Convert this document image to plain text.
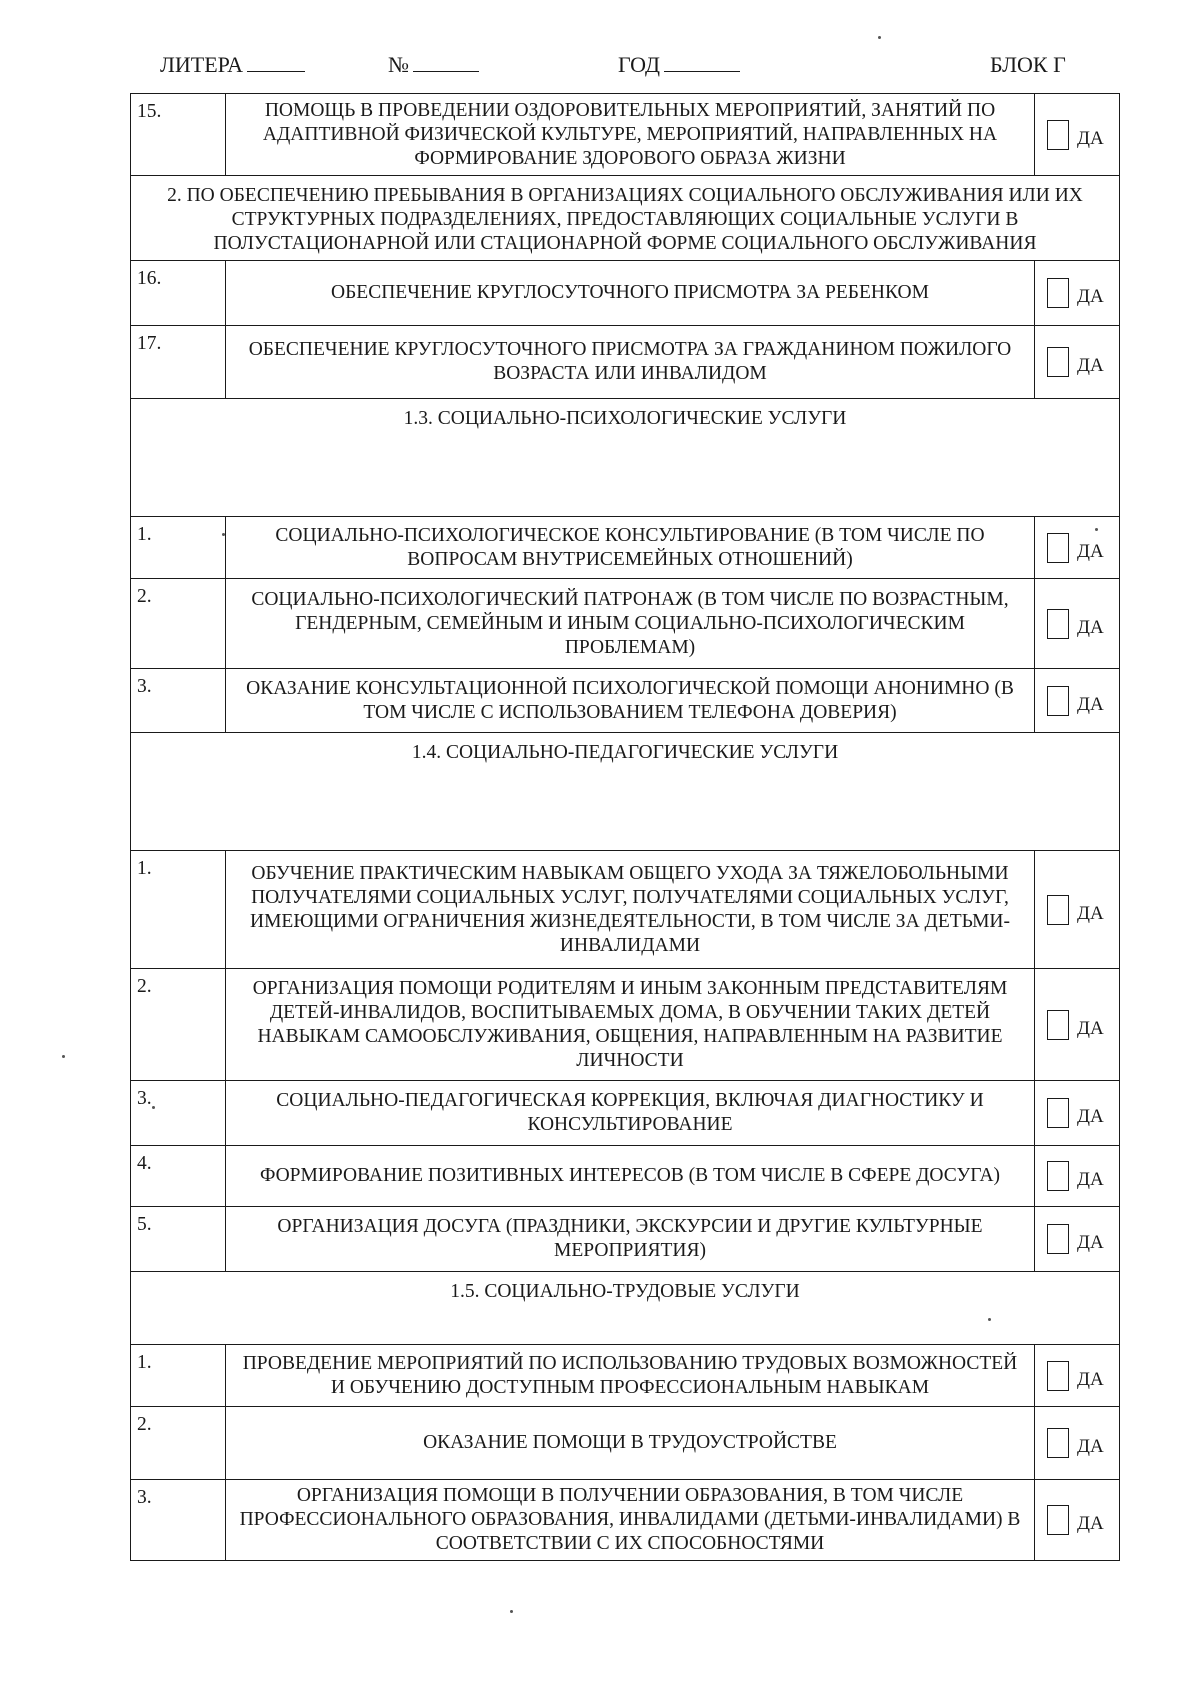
ЛИТЕРА	№	ГОД	БЛОК Г
15.	ПОМОЩЬ В ПРОВЕДЕНИИ ОЗДОРОВИТЕЛЬНЫХ МЕРОПРИЯТИЙ, ЗАНЯТИЙ ПО АДАПТИВНОЙ ФИЗИЧЕСКОЙ КУЛЬТУРЕ, МЕРОПРИЯТИЙ, НАПРАВЛЕННЫХ НА ФОРМИРОВАНИЕ ЗДОРОВОГО ОБРАЗА ЖИЗНИ	ДА

2. ПО ОБЕСПЕЧЕНИЮ ПРЕБЫВАНИЯ В ОРГАНИЗАЦИЯХ СОЦИАЛЬНОГО ОБСЛУЖИВАНИЯ ИЛИ ИХ СТРУКТУРНЫХ ПОДРАЗДЕЛЕНИЯХ, ПРЕДОСТАВЛЯЮЩИХ СОЦИАЛЬНЫЕ УСЛУГИ В ПОЛУСТАЦИОНАРНОЙ ИЛИ СТАЦИОНАРНОЙ ФОРМЕ СОЦИАЛЬНОГО ОБСЛУЖИВАНИЯ		
16.	ОБЕСПЕЧЕНИЕ КРУГЛОСУТОЧНОГО ПРИСМОТРА ЗА РЕБЕНКОМ	ДА

17.	ОБЕСПЕЧЕНИЕ КРУГЛОСУТОЧНОГО ПРИСМОТРА ЗА ГРАЖДАНИНОМ ПОЖИЛОГО ВОЗРАСТА ИЛИ ИНВАЛИДОМ	ДА

1.3. СОЦИАЛЬНО-ПСИХОЛОГИЧЕСКИЕ УСЛУГИ		
1.	СОЦИАЛЬНО-ПСИХОЛОГИЧЕСКОЕ КОНСУЛЬТИРОВАНИЕ (В ТОМ ЧИСЛЕ ПО ВОПРОСАМ ВНУТРИСЕМЕЙНЫХ ОТНОШЕНИЙ)	ДА

2.	СОЦИАЛЬНО-ПСИХОЛОГИЧЕСКИЙ ПАТРОНАЖ (В ТОМ ЧИСЛЕ ПО ВОЗРАСТНЫМ, ГЕНДЕРНЫМ, СЕМЕЙНЫМ И ИНЫМ СОЦИАЛЬНО-ПСИХОЛОГИЧЕСКИМ ПРОБЛЕМАМ)	ДА

3.	ОКАЗАНИЕ КОНСУЛЬТАЦИОННОЙ ПСИХОЛОГИЧЕСКОЙ ПОМОЩИ АНОНИМНО (В ТОМ ЧИСЛЕ С ИСПОЛЬЗОВАНИЕМ ТЕЛЕФОНА ДОВЕРИЯ)	ДА

1.4. СОЦИАЛЬНО-ПЕДАГОГИЧЕСКИЕ УСЛУГИ		
1.	ОБУЧЕНИЕ ПРАКТИЧЕСКИМ НАВЫКАМ ОБЩЕГО УХОДА ЗА ТЯЖЕЛОБОЛЬНЫМИ ПОЛУЧАТЕЛЯМИ СОЦИАЛЬНЫХ УСЛУГ, ПОЛУЧАТЕЛЯМИ СОЦИАЛЬНЫХ УСЛУГ, ИМЕЮЩИМИ ОГРАНИЧЕНИЯ ЖИЗНЕДЕЯТЕЛЬНОСТИ, В ТОМ ЧИСЛЕ ЗА ДЕТЬМИ-ИНВАЛИДАМИ	ДА

2.	ОРГАНИЗАЦИЯ ПОМОЩИ РОДИТЕЛЯМ И ИНЫМ ЗАКОННЫМ ПРЕДСТАВИТЕЛЯМ ДЕТЕЙ-ИНВАЛИДОВ, ВОСПИТЫВАЕМЫХ ДОМА, В ОБУЧЕНИИ ТАКИХ ДЕТЕЙ НАВЫКАМ САМООБСЛУЖИВАНИЯ, ОБЩЕНИЯ, НАПРАВЛЕННЫМ НА РАЗВИТИЕ ЛИЧНОСТИ	ДА

3.	СОЦИАЛЬНО-ПЕДАГОГИЧЕСКАЯ КОРРЕКЦИЯ, ВКЛЮЧАЯ ДИАГНОСТИКУ И КОНСУЛЬТИРОВАНИЕ	ДА

4.	ФОРМИРОВАНИЕ ПОЗИТИВНЫХ ИНТЕРЕСОВ (В ТОМ ЧИСЛЕ В СФЕРЕ ДОСУГА)	ДА

5.	ОРГАНИЗАЦИЯ ДОСУГА (ПРАЗДНИКИ, ЭКСКУРСИИ И ДРУГИЕ КУЛЬТУРНЫЕ МЕРОПРИЯТИЯ)	ДА

1.5. СОЦИАЛЬНО-ТРУДОВЫЕ УСЛУГИ		
1.	ПРОВЕДЕНИЕ МЕРОПРИЯТИЙ ПО ИСПОЛЬЗОВАНИЮ ТРУДОВЫХ ВОЗМОЖНОСТЕЙ И ОБУЧЕНИЮ ДОСТУПНЫМ ПРОФЕССИОНАЛЬНЫМ НАВЫКАМ	ДА

2.	ОКАЗАНИЕ ПОМОЩИ В ТРУДОУСТРОЙСТВЕ	ДА

3.	ОРГАНИЗАЦИЯ ПОМОЩИ В ПОЛУЧЕНИИ ОБРАЗОВАНИЯ, В ТОМ ЧИСЛЕ ПРОФЕССИОНАЛЬНОГО ОБРАЗОВАНИЯ, ИНВАЛИДАМИ (ДЕТЬМИ-ИНВАЛИДАМИ) В СООТВЕТСТВИИ С ИХ СПОСОБНОСТЯМИ	ДА
